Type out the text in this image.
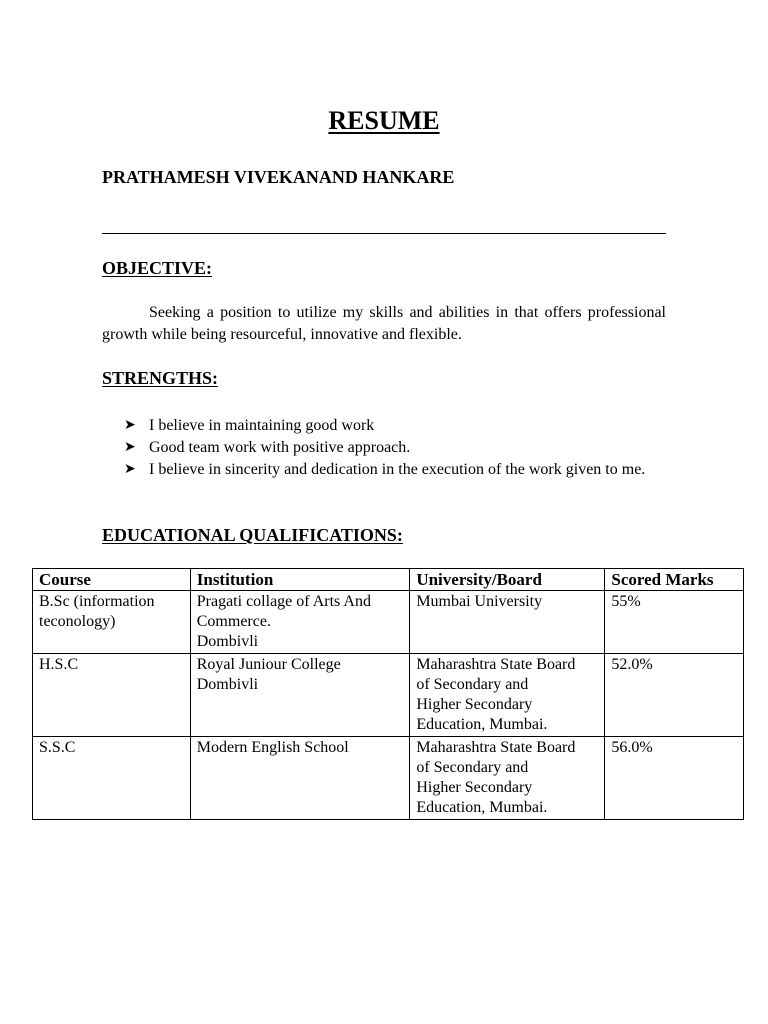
RESUME
PRATHAMESH VIVEKANAND HANKARE
OBJECTIVE:

Seeking a position to utilize my skills and abilities in that offers professional growth while being resourceful, innovative and flexible.

STRENGTHS:
➤ I believe in maintaining good work
➤ Good team work with positive approach.
➤ I believe in sincerity and dedication in the execution of the work given to me.
EDUCATIONAL QUALIFICATIONS:
Course	Institution	University/Board	Scored Marks

B.Sc (information
teconology)	Pragati collage of Arts And
Commerce.
Dombivli	Mumbai University	55%

H.S.C	Royal Juniour College
Dombivli	Maharashtra State Board
of Secondary and
Higher Secondary
Education, Mumbai.	52.0%

S.S.C	Modern English School	Maharashtra State Board
of Secondary and
Higher Secondary
Education, Mumbai.	56.0%
